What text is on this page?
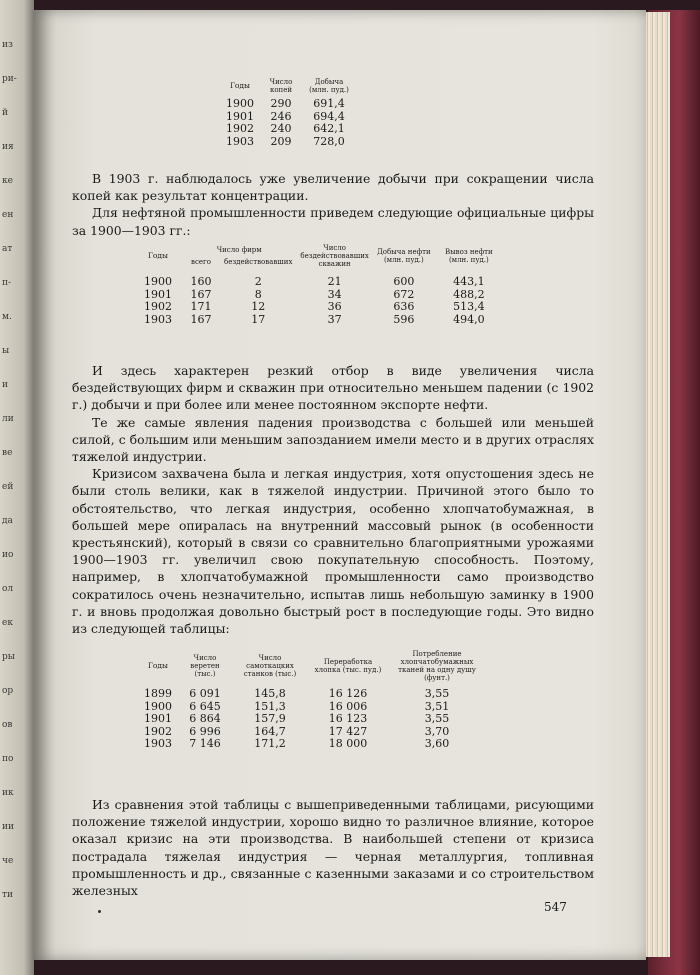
из
ри-
й
ия
ке
ен
ат
п-
м.
ы
и
ли
ве
ей
да
ио
ол
ек
ры
ор
ов
по
ик
ии
че
ти
Годы	Число копей	Добыча (млн. пуд.)

1900	290	691,4
1901	246	694,4
1902	240	642,1
1903	209	728,0

В 1903 г. наблюдалось уже увеличение добычи при сокращении числа копей как результат концентрации.

Для нефтяной промышленности приведем следующие официальные цифры за 1900—1903 гг.:

Годы	Число фирм		Число бездействовавших скважин	Добыча нефти (млн. пуд.)	Вывоз нефти (млн. пуд.)
	всего	бездействовавших			

1900	160	2	21	600	443,1
1901	167	8	34	672	488,2
1902	171	12	36	636	513,4
1903	167	17	37	596	494,0

И здесь характерен резкий отбор в виде увеличения числа бездействующих фирм и скважин при относительно меньшем падении (с 1902 г.) добычи и при более или менее постоянном экспорте нефти.

Те же самые явления падения производства с большей или меньшей силой, с большим или меньшим запозданием имели место и в других отраслях тяжелой индустрии.

Кризисом захвачена была и легкая индустрия, хотя опустошения здесь не были столь велики, как в тяжелой индустрии. Причиной этого было то обстоятельство, что легкая индустрия, особенно хлопчатобумажная, в большей мере опиралась на внутренний массовый рынок (в особенности крестьянский), который в связи со сравнительно благоприятными урожаями 1900—1903 гг. увеличил свою покупательную способность. Поэтому, например, в хлопчатобумажной промышленности само производство сократилось очень незначительно, испытав лишь небольшую заминку в 1900 г. и вновь продолжая довольно быстрый рост в последующие годы. Это видно из следующей таблицы:

Годы	Число веретен (тыс.)	Число самоткацких станков (тыс.)	Переработка хлопка (тыс. пуд.)	Потребление хлопчатобумажных тканей на одну душу (фунт.)

1899	6 091	145,8	16 126	3,55
1900	6 645	151,3	16 006	3,51
1901	6 864	157,9	16 123	3,55
1902	6 996	164,7	17 427	3,70
1903	7 146	171,2	18 000	3,60

Из сравнения этой таблицы с вышеприведенными таблицами, рисующими положение тяжелой индустрии, хорошо видно то различное влияние, которое оказал кризис на эти производства. В наибольшей степени от кризиса пострадала тяжелая индустрия — черная металлургия, топливная промышленность и др., связанные с казенными заказами и со строительством железных

547
